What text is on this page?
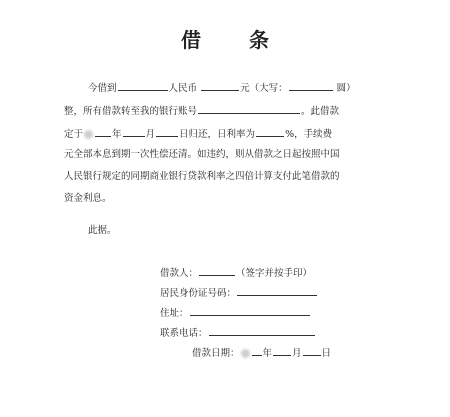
借　条
今借到	人民币	元（大写：	圆）
整，所有借款转至我的银行账号	。此借款
定于	年	月	日归还，日利率为	%，手续费
元全部本息到期一次性偿还清。如违约，则从借款之日起按照中国
人民银行规定的同期商业银行贷款利率之四倍计算支付此笔借款的
资金利息。
此据。
借款人：	（签字并按手印）
居民身份证号码：
住址：
联系电话：
借款日期： 年 月 日
